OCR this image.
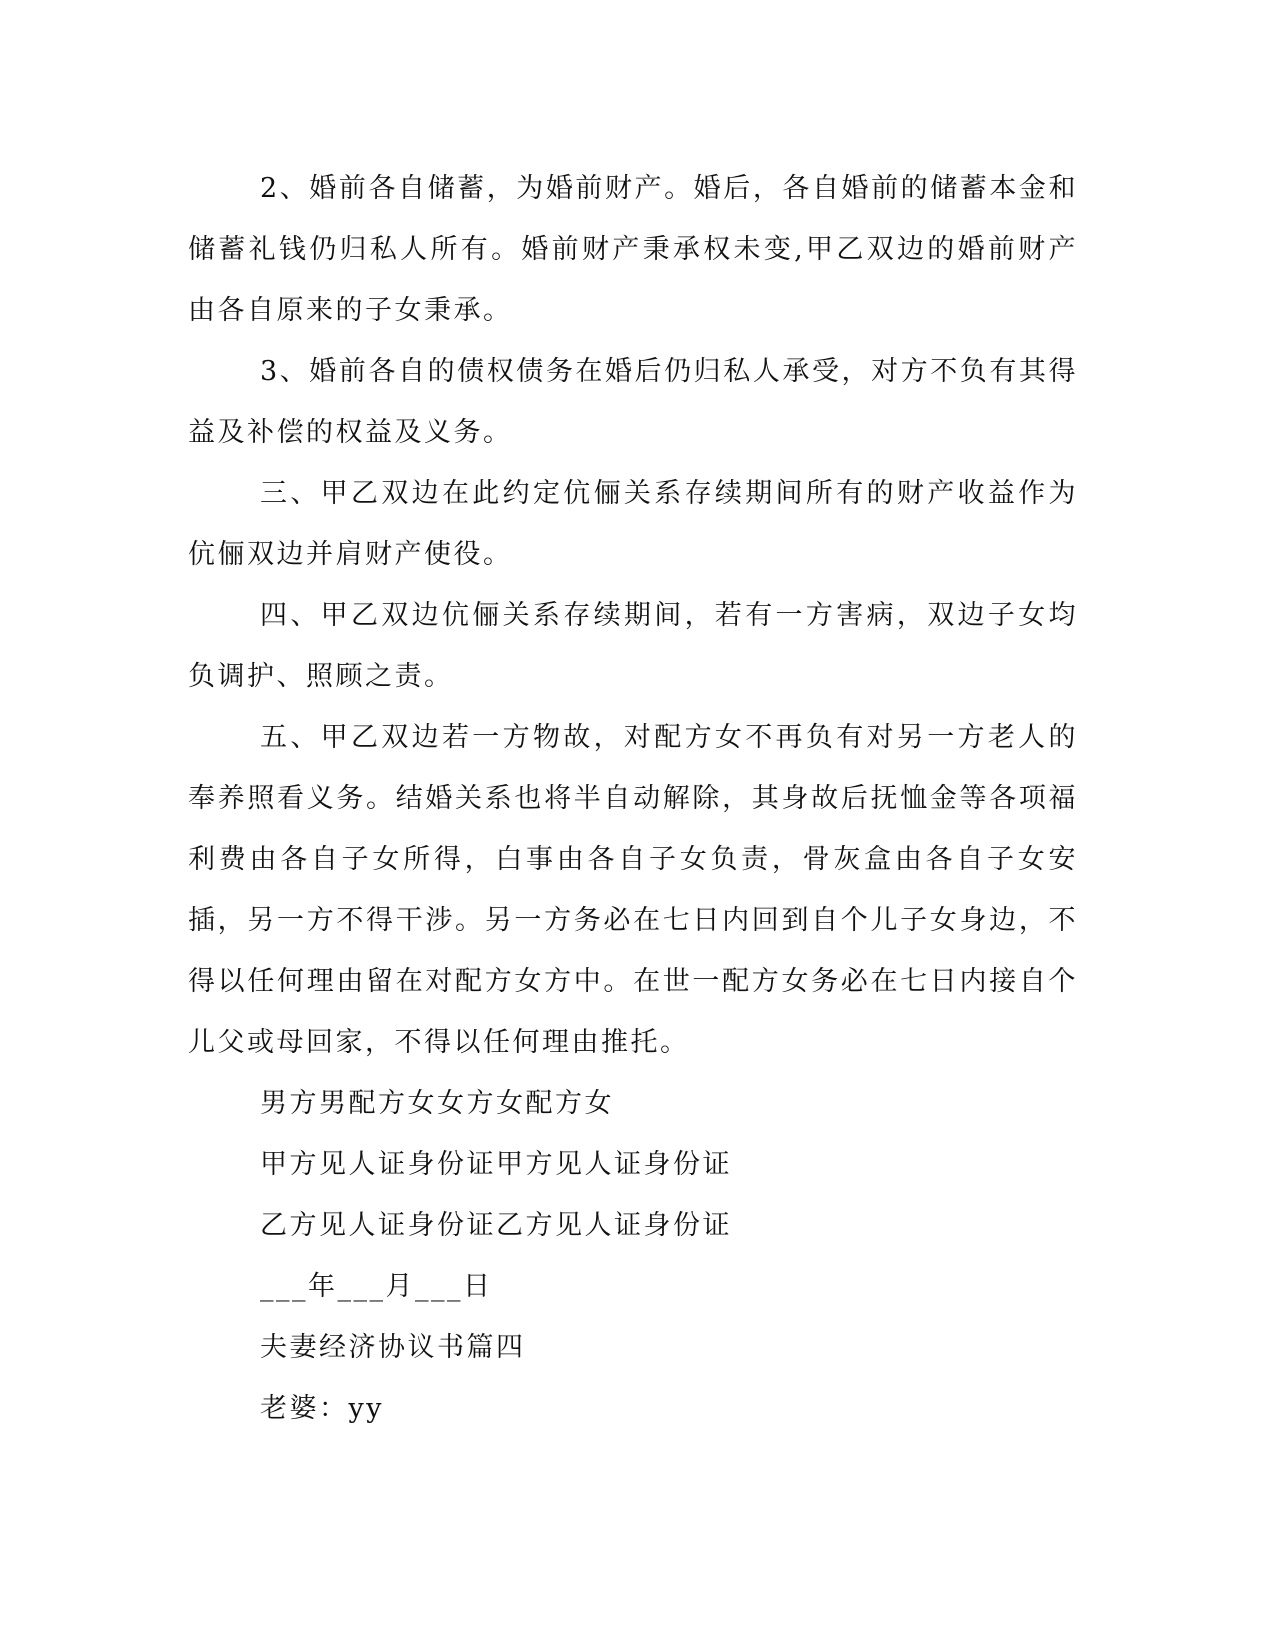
2、婚前各自储蓄，为婚前财产。婚后，各自婚前的储蓄本金和储蓄礼钱仍归私人所有。婚前财产秉承权未变,甲乙双边的婚前财产由各自原来的子女秉承。

3、婚前各自的债权债务在婚后仍归私人承受，对方不负有其得益及补偿的权益及义务。

三、甲乙双边在此约定伉俪关系存续期间所有的财产收益作为伉俪双边并肩财产使役。

四、甲乙双边伉俪关系存续期间，若有一方害病，双边子女均负调护、照顾之责。

五、甲乙双边若一方物故，对配方女不再负有对另一方老人的奉养照看义务。结婚关系也将半自动解除，其身故后抚恤金等各项福利费由各自子女所得，白事由各自子女负责，骨灰盒由各自子女安插，另一方不得干涉。另一方务必在七日内回到自个儿子女身边，不得以任何理由留在对配方女方中。在世一配方女务必在七日内接自个儿父或母回家，不得以任何理由推托。

男方男配方女女方女配方女
甲方见人证身份证甲方见人证身份证
乙方见人证身份证乙方见人证身份证
___年___月___日
夫妻经济协议书篇四
老婆：yy
